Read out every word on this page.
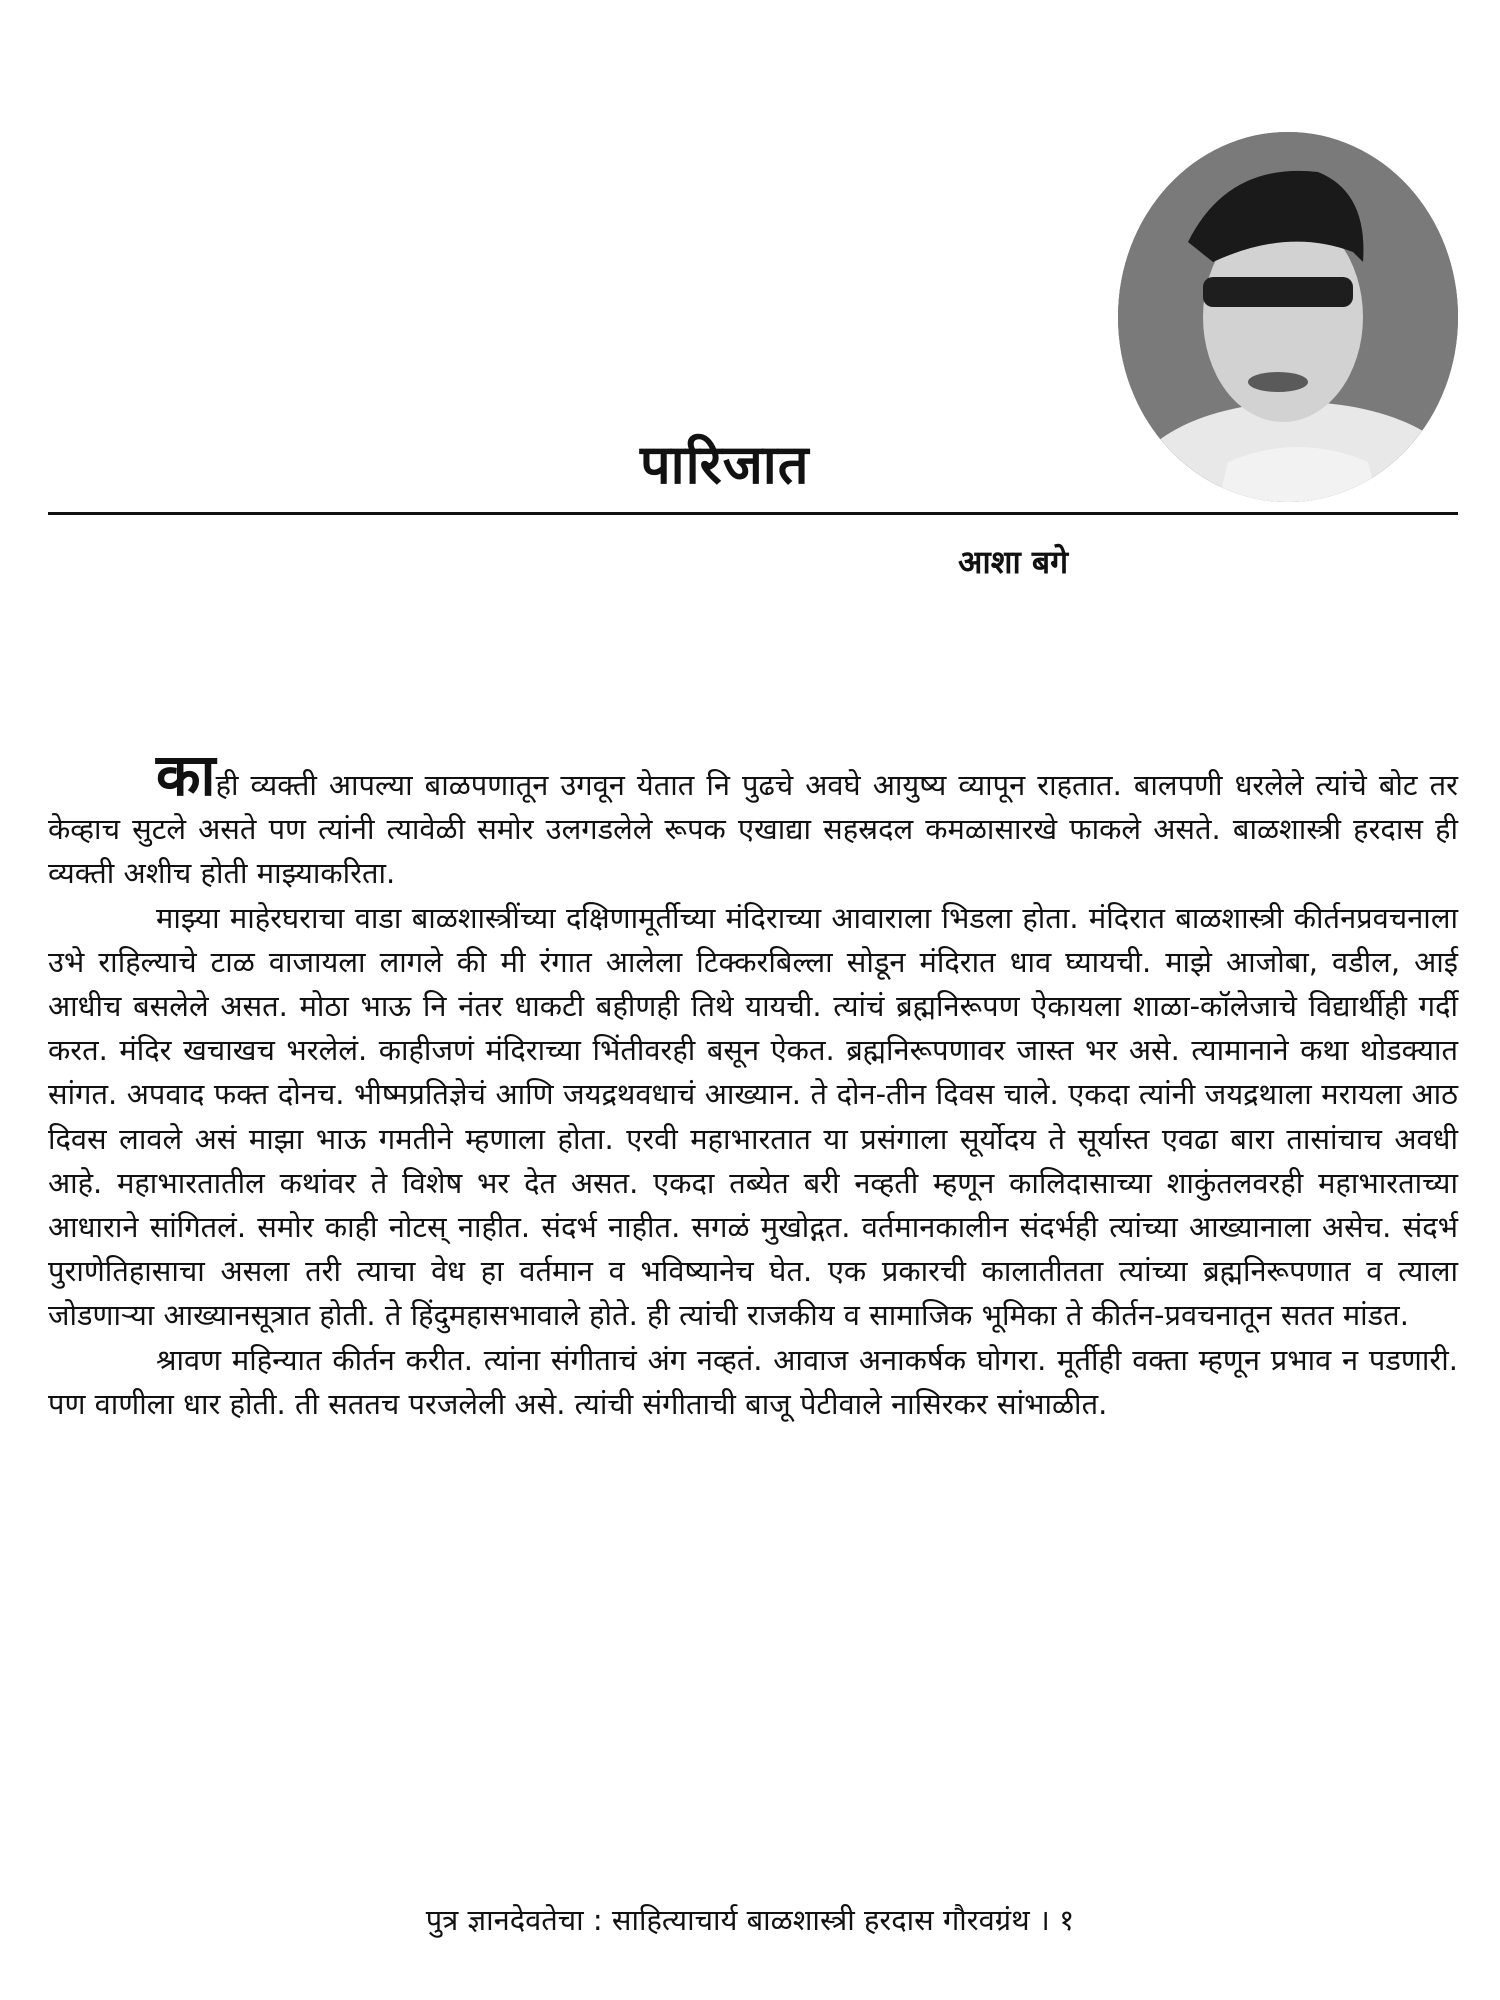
पारिजात

आशा बगे

काही व्यक्ती आपल्या बाळपणातून उगवून येतात नि पुढचे अवघे आयुष्य व्यापून राहतात. बालपणी धरलेले त्यांचे बोट तर केव्हाच सुटले असते पण त्यांनी त्यावेळी समोर उलगडलेले रूपक एखाद्या सहस्रदल कमळासारखे फाकले असते. बाळशास्त्री हरदास ही व्यक्ती अशीच होती माझ्याकरिता.

माझ्या माहेरघराचा वाडा बाळशास्त्रींच्या दक्षिणामूर्तीच्या मंदिराच्या आवाराला भिडला होता. मंदिरात बाळशास्त्री कीर्तनप्रवचनाला उभे राहिल्याचे टाळ वाजायला लागले की मी रंगात आलेला टिक्करबिल्ला सोडून मंदिरात धाव घ्यायची. माझे आजोबा, वडील, आई आधीच बसलेले असत. मोठा भाऊ नि नंतर धाकटी बहीणही तिथे यायची. त्यांचं ब्रह्मनिरूपण ऐकायला शाळा-कॉलेजाचे विद्यार्थीही गर्दी करत. मंदिर खचाखच भरलेलं. काहीजणं मंदिराच्या भिंतीवरही बसून ऐकत. ब्रह्मनिरूपणावर जास्त भर असे. त्यामानाने कथा थोडक्यात सांगत. अपवाद फक्त दोनच. भीष्मप्रतिज्ञेचं आणि जयद्रथवधाचं आख्यान. ते दोन-तीन दिवस चाले. एकदा त्यांनी जयद्रथाला मरायला आठ दिवस लावले असं माझा भाऊ गमतीने म्हणाला होता. एरवी महाभारतात या प्रसंगाला सूर्योदय ते सूर्यास्त एवढा बारा तासांचाच अवधी आहे. महाभारतातील कथांवर ते विशेष भर देत असत. एकदा तब्येत बरी नव्हती म्हणून कालिदासाच्या शाकुंतलवरही महाभारताच्या आधाराने सांगितलं. समोर काही नोटस् नाहीत. संदर्भ नाहीत. सगळं मुखोद्गत. वर्तमानकालीन संदर्भही त्यांच्या आख्यानाला असेच. संदर्भ पुराणेतिहासाचा असला तरी त्याचा वेध हा वर्तमान व भविष्यानेच घेत. एक प्रकारची कालातीतता त्यांच्या ब्रह्मनिरूपणात व त्याला जोडणाऱ्या आख्यानसूत्रात होती. ते हिंदुमहासभावाले होते. ही त्यांची राजकीय व सामाजिक भूमिका ते कीर्तन-प्रवचनातून सतत मांडत.

श्रावण महिन्यात कीर्तन करीत. त्यांना संगीताचं अंग नव्हतं. आवाज अनाकर्षक घोगरा. मूर्तीही वक्ता म्हणून प्रभाव न पडणारी. पण वाणीला धार होती. ती सततच परजलेली असे. त्यांची संगीताची बाजू पेटीवाले नासिरकर सांभाळीत.

पुत्र ज्ञानदेवतेचा : साहित्याचार्य बाळशास्त्री हरदास गौरवग्रंथ । १
